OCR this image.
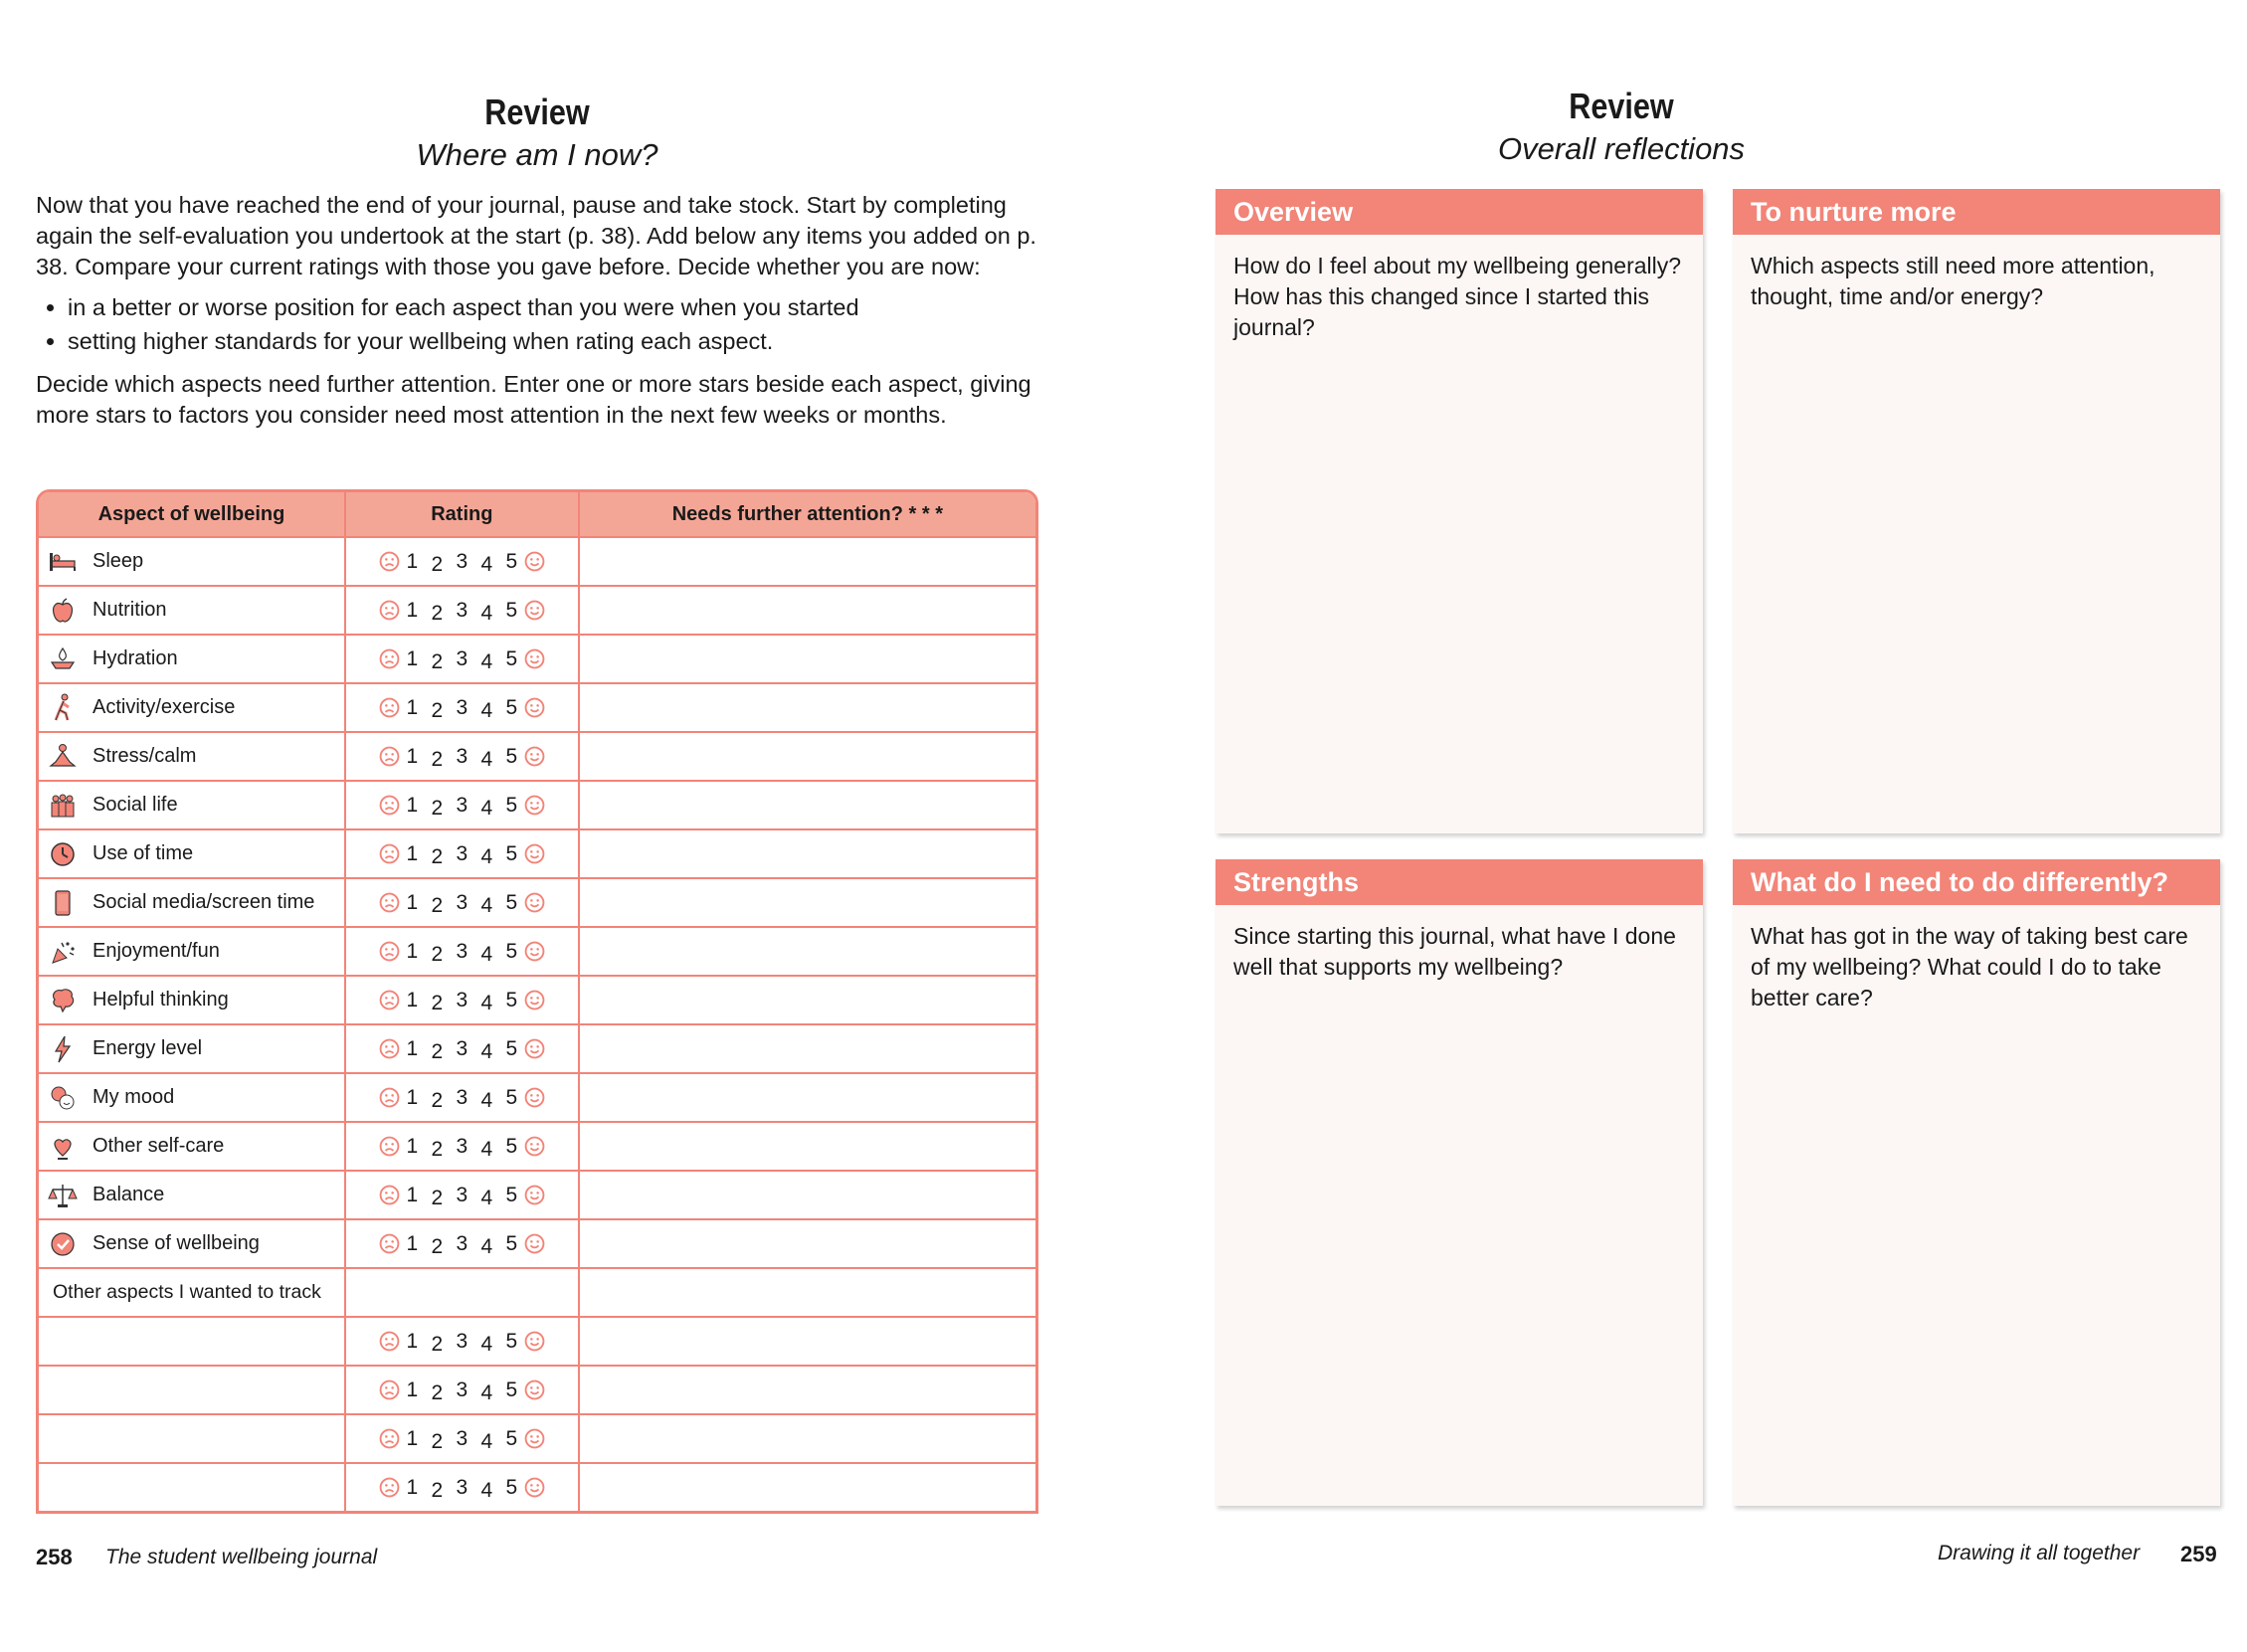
Review
Where am I now?

Now that you have reached the end of your journal, pause and take stock. Start by completing again the self-evaluation you undertook at the start (p. 38). Add below any items you added on p. 38. Compare your current ratings with those you gave before. Decide whether you are now:

• in a better or worse position for each aspect than you were when you started
• setting higher standards for your wellbeing when rating each aspect.

Decide which aspects need further attention. Enter one or more stars beside each aspect, giving more stars to factors you consider need most attention in the next few weeks or months.

Aspect of wellbeing	Rating	Needs further attention? * * *

Sleep	1 2 3 4 5	

Nutrition	1 2 3 4 5	

Hydration	1 2 3 4 5	

Activity/exercise	1 2 3 4 5	

Stress/calm	1 2 3 4 5	

Social life	1 2 3 4 5	

Use of time	1 2 3 4 5	

Social media/screen time	1 2 3 4 5	

Enjoyment/fun	1 2 3 4 5	

Helpful thinking	1 2 3 4 5	

Energy level	1 2 3 4 5	

My mood	1 2 3 4 5	

Other self-care	1 2 3 4 5	

Balance	1 2 3 4 5	

Sense of wellbeing	1 2 3 4 5	

Other aspects I wanted to track		

	1 2 3 4 5	

	1 2 3 4 5	

	1 2 3 4 5	

	1 2 3 4 5	

258 The student wellbeing journal
Review
Overall reflections
Overview
How do I feel about my wellbeing generally? How has this changed since I started this journal?
To nurture more
Which aspects still need more attention, thought, time and/or energy?
Strengths
Since starting this journal, what have I done well that supports my wellbeing?
What do I need to do differently?
What has got in the way of taking best care of my wellbeing? What could I do to take better care?
Drawing it all together 259
